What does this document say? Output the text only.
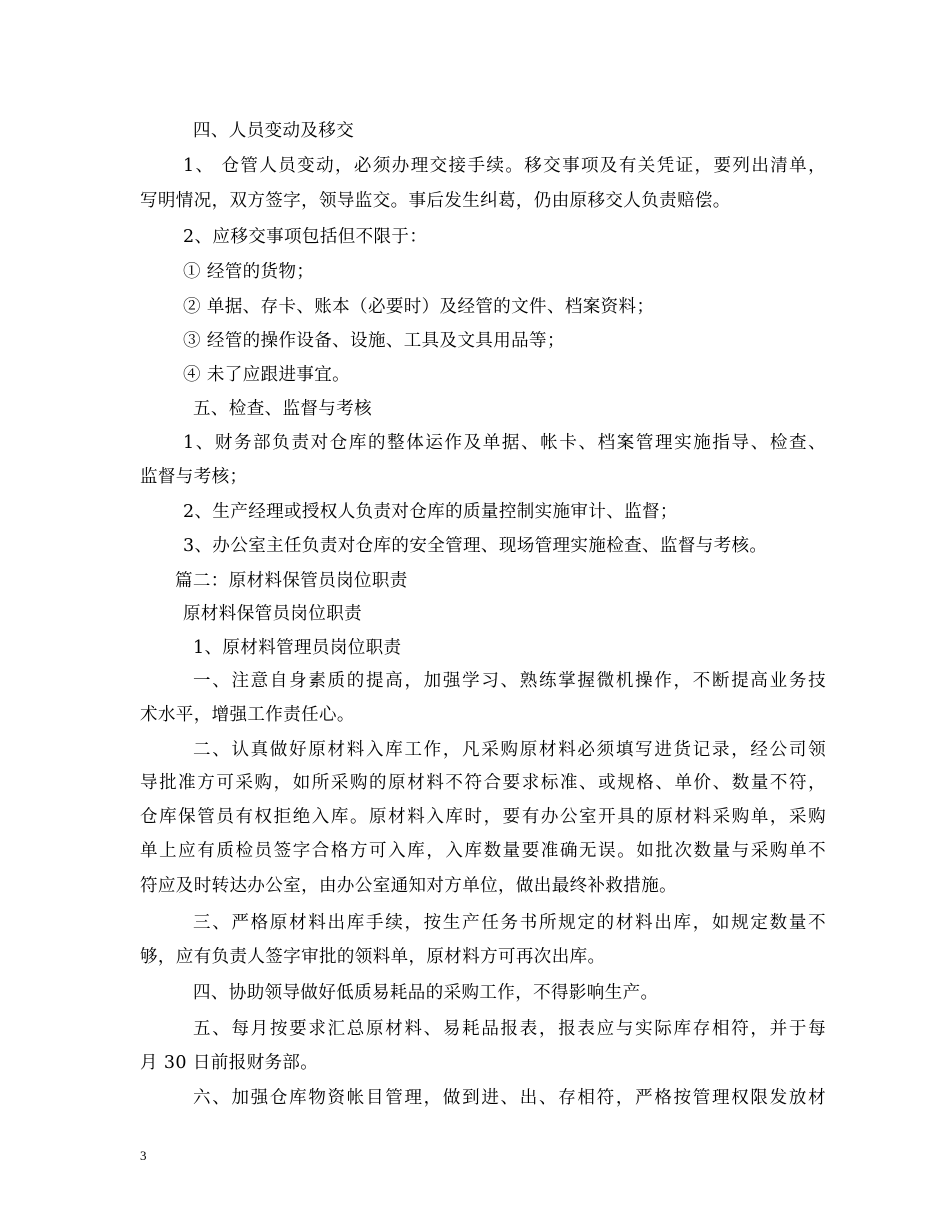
四、人员变动及移交
1、 仓管人员变动，必须办理交接手续。移交事项及有关凭证，要列出清单，
写明情况，双方签字，领导监交。事后发生纠葛，仍由原移交人负责赔偿。
2、应移交事项包括但不限于：
① 经管的货物；
② 单据、存卡、账本（必要时）及经管的文件、档案资料；
③ 经管的操作设备、设施、工具及文具用品等；
④ 未了应跟进事宜。
五、检查、监督与考核
1、财务部负责对仓库的整体运作及单据、帐卡、档案管理实施指导、检查、
监督与考核；
2、生产经理或授权人负责对仓库的质量控制实施审计、监督；
3、办公室主任负责对仓库的安全管理、现场管理实施检查、监督与考核。
篇二：原材料保管员岗位职责
原材料保管员岗位职责
1、原材料管理员岗位职责
一、注意自身素质的提高，加强学习、熟练掌握微机操作，不断提高业务技
术水平，增强工作责任心。
二、认真做好原材料入库工作，凡采购原材料必须填写进货记录，经公司领
导批准方可采购，如所采购的原材料不符合要求标准、或规格、单价、数量不符，
仓库保管员有权拒绝入库。原材料入库时，要有办公室开具的原材料采购单，采购
单上应有质检员签字合格方可入库，入库数量要准确无误。如批次数量与采购单不
符应及时转达办公室，由办公室通知对方单位，做出最终补救措施。
三、严格原材料出库手续，按生产任务书所规定的材料出库，如规定数量不
够，应有负责人签字审批的领料单，原材料方可再次出库。
四、协助领导做好低质易耗品的采购工作，不得影响生产。
五、每月按要求汇总原材料、易耗品报表，报表应与实际库存相符，并于每
月 30 日前报财务部。
六、加强仓库物资帐目管理，做到进、出、存相符，严格按管理权限发放材
3
